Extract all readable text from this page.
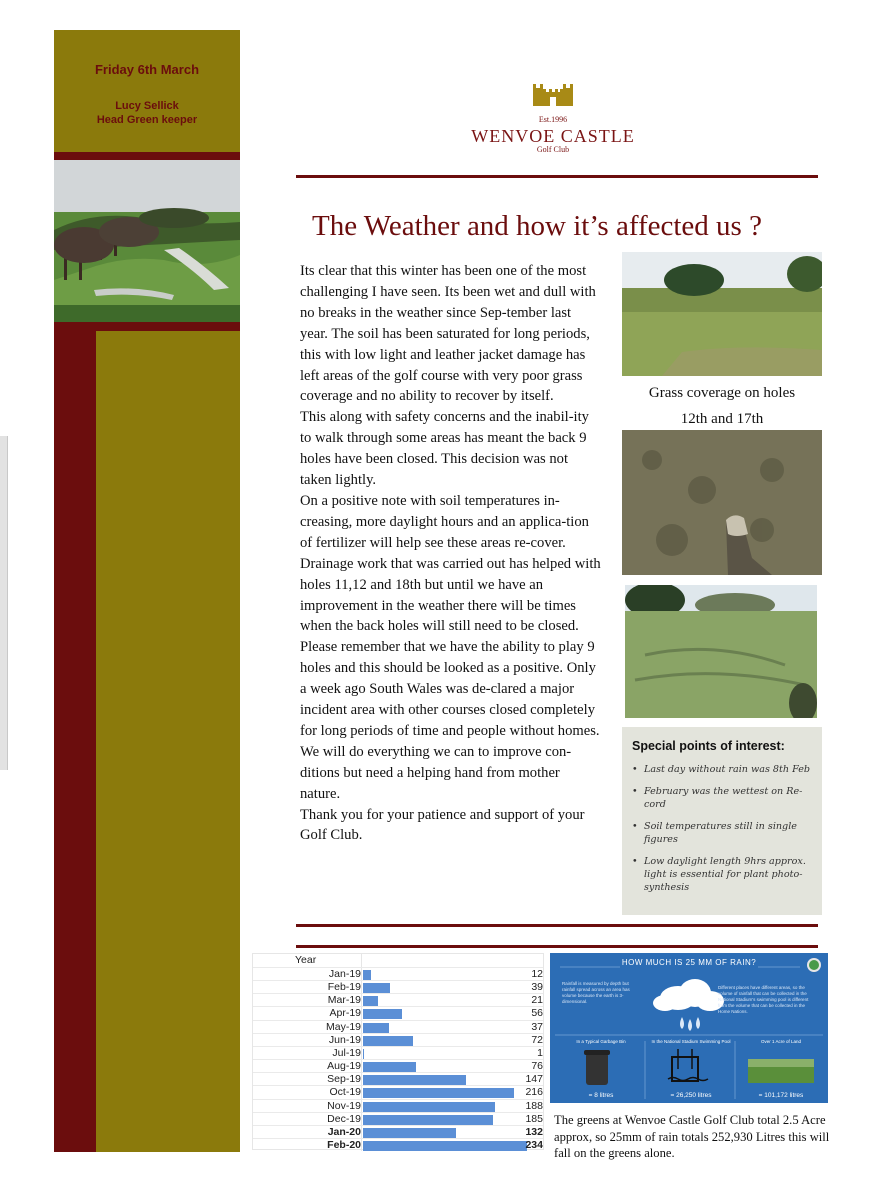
Friday 6th March
Lucy Sellick
Head Green keeper	Est.1996
WENVOE CASTLE
Golf Club
The Weather and how it’s affected us ?

Its clear that this winter has been one of the most challenging I have seen. Its been wet and dull with no breaks in the weather since Sep-tember last year. The soil has been saturated for long periods, this with low light and leather jacket damage has left areas of the golf course with very poor grass coverage and no ability to recover by itself.

This along with safety concerns and the inabil-ity to walk through some areas has meant the back 9 holes have been closed. This decision was not taken lightly.

On a positive note with soil temperatures in-creasing, more daylight hours and an applica-tion of fertilizer will help see these areas re-cover.

Drainage work that was carried out has helped with holes 11,12 and 18th but until we have an improvement in the weather there will be times when the back holes will still need to be closed.

Please remember that we have the ability to play 9 holes and this should be looked as a positive. Only a week ago South Wales was de-clared a major incident area with other courses closed completely for long periods of time and people without homes.

We will do everything we can to improve con-ditions but need a helping hand from mother nature.

Thank you for your patience and support of your Golf Club.

Grass coverage on holes
12th and 17th
Special points of interest:
• Last day without rain was 8th Feb
• February was the wettest on Re-cord
• Soil temperatures still in single figures
• Low daylight length 9hrs approx. light is essential for plant photo-synthesis
Year
Jan-19	12
Feb-19	39
Mar-19	21
Apr-19	56
May-19	37
Jun-19	72
Jul-19	1
Aug-19	76
Sep-19	147
Oct-19	216
Nov-19	188
Dec-19	185
Jan-20	132
Feb-20	234
HOW MUCH IS 25 MM OF RAIN?
Rainfall is measured by depth but rainfall spread across an area has volume because the earth is 3-dimensional.
Different places have different areas, so the volume of rainfall that can be collected in the National Stadium's swimming pool is different from the volume that can be collected in the Home Nations.
In a Typical Garbage Bin	In the National Stadium Swimming Pool	Over 1 Acre of Land
= 8 litres	= 26,250 litres	= 101,172 litres
The greens at Wenvoe Castle Golf Club total 2.5 Acre approx, so 25mm of rain totals 252,930 Litres this will fall on the greens alone.
